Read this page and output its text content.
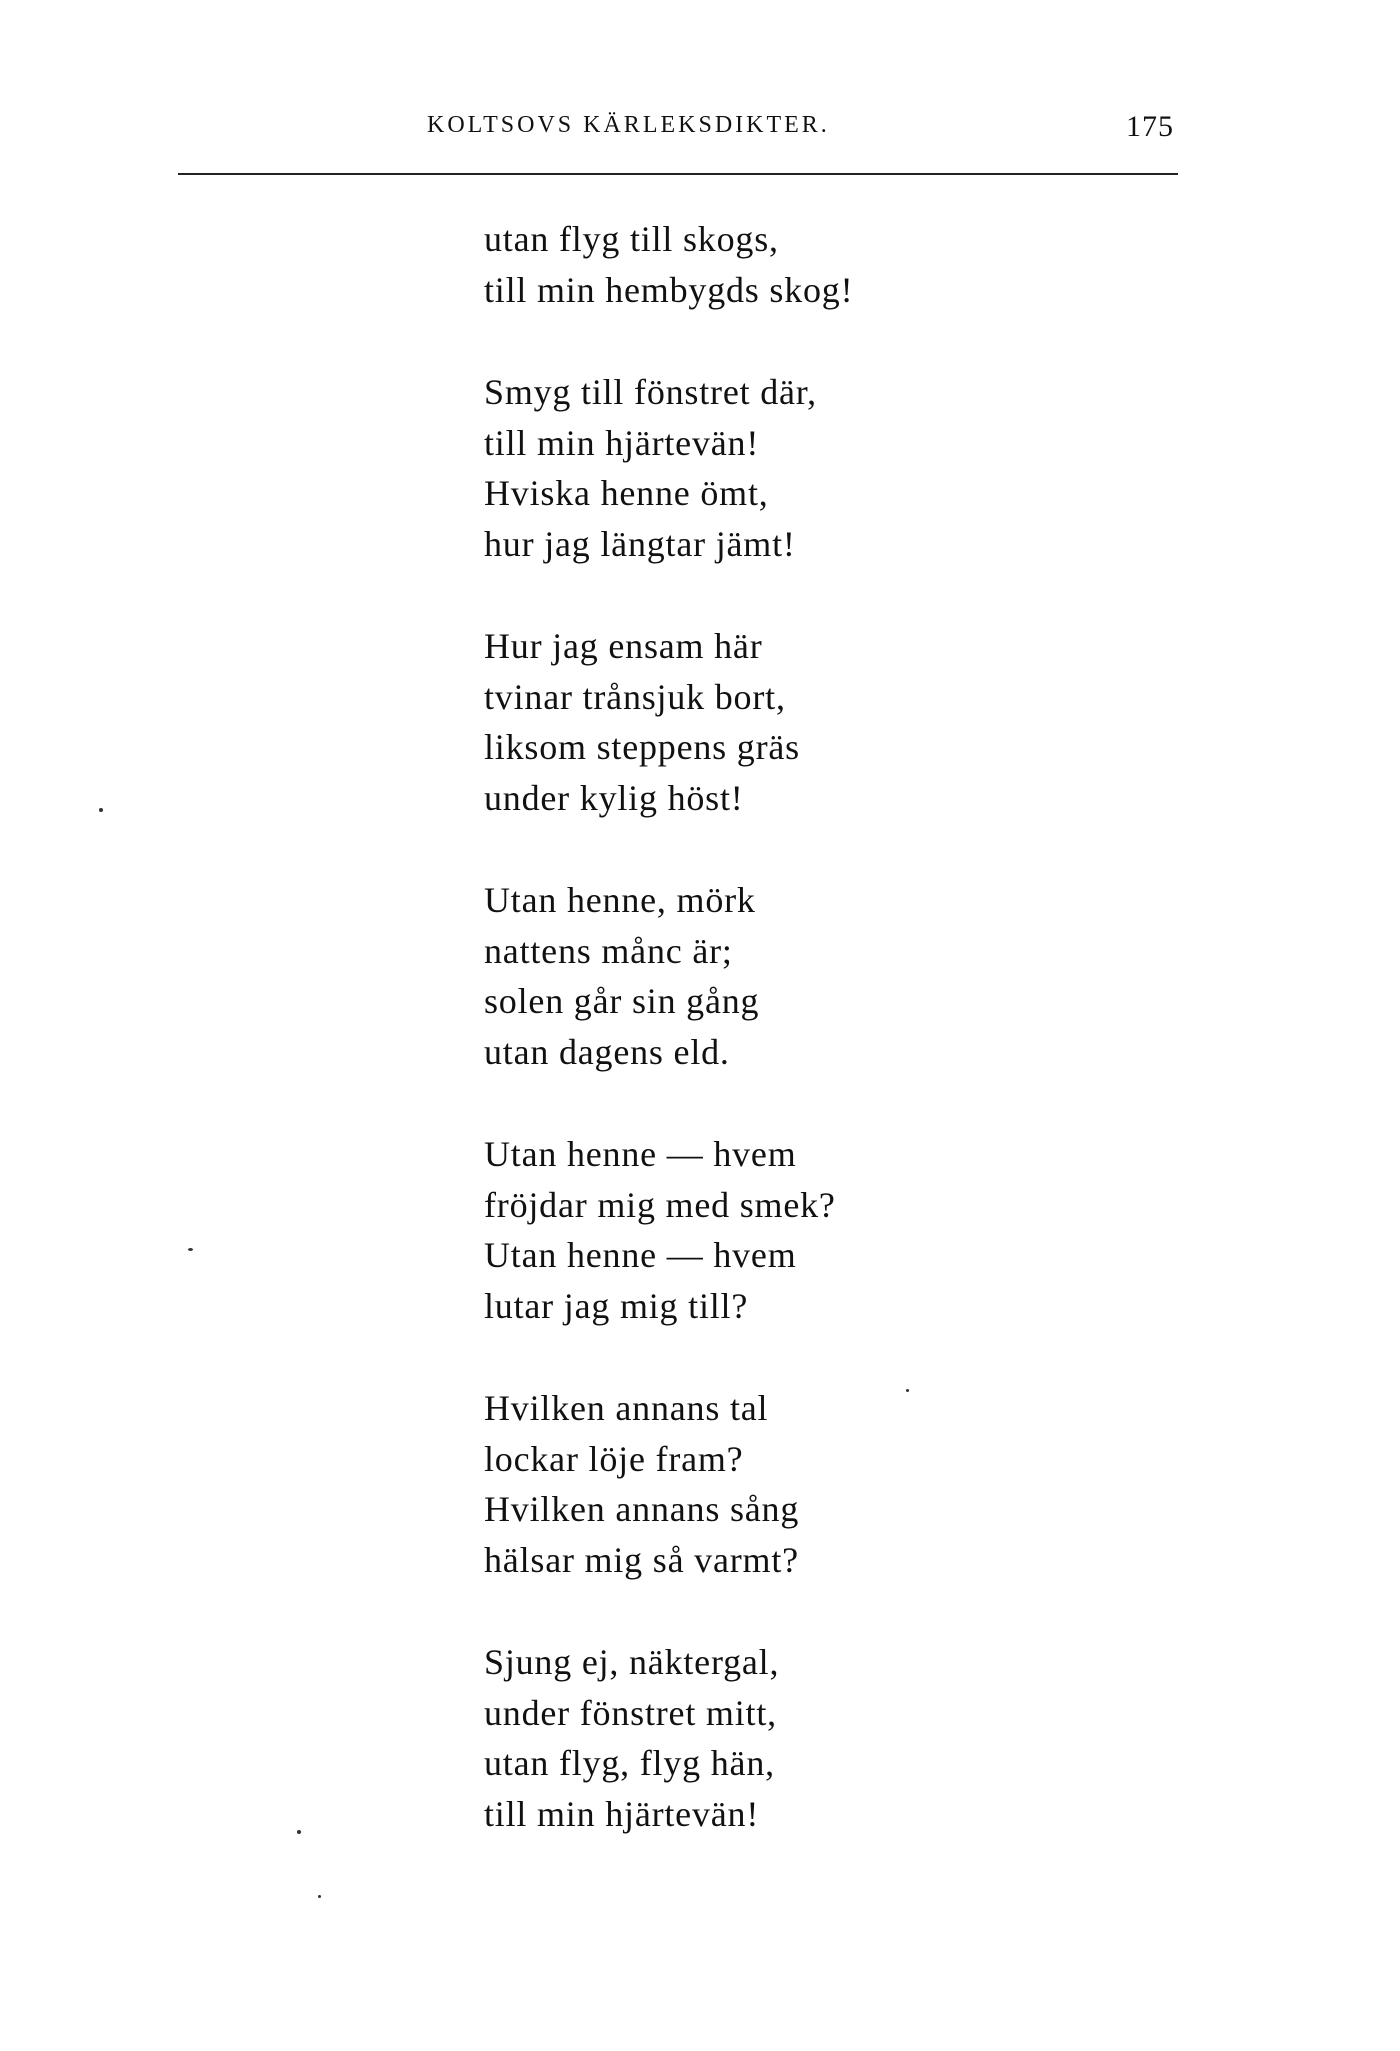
KOLTSOVS KÄRLEKSDIKTER.	175
utan flyg till skogs,
till min hembygds skog!
Smyg till fönstret där,
till min hjärtevän!
Hviska henne ömt,
hur jag längtar jämt!
Hur jag ensam här
tvinar trånsjuk bort,
liksom steppens gräs
under kylig höst!
Utan henne, mörk
nattens månc är;
solen går sin gång
utan dagens eld.
Utan henne — hvem
fröjdar mig med smek?
Utan henne — hvem
lutar jag mig till?
Hvilken annans tal
lockar löje fram?
Hvilken annans sång
hälsar mig så varmt?
Sjung ej, näktergal,
under fönstret mitt,
utan flyg, flyg hän,
till min hjärtevän!
